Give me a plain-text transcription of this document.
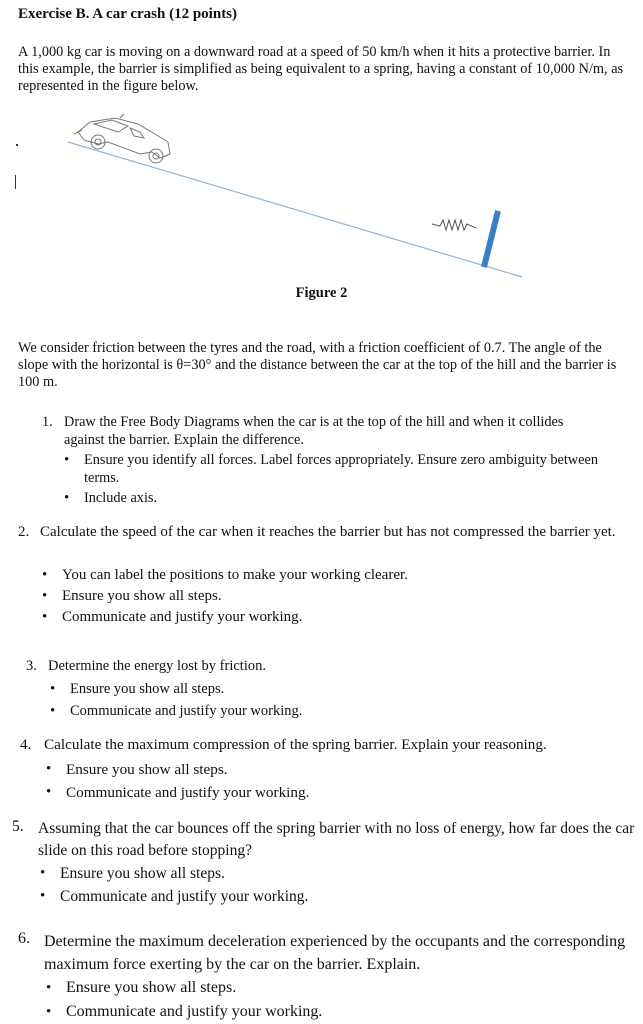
Exercise B. A car crash (12 points)
A 1,000 kg car is moving on a downward road at a speed of 50 km/h when it hits a protective barrier. In this example, the barrier is simplified as being equivalent to a spring, having a constant of 10,000 N/m, as represented in the figure below.
Figure 2
We consider friction between the tyres and the road, with a friction coefficient of 0.7. The angle of the slope with the horizontal is θ=30° and the distance between the car at the top of the hill and the barrier is 100 m.
1. Draw the Free Body Diagrams when the car is at the top of the hill and when it collides against the barrier. Explain the difference.
• Ensure you identify all forces. Label forces appropriately. Ensure zero ambiguity between terms.
• Include axis.
2. Calculate the speed of the car when it reaches the barrier but has not compressed the barrier yet.
• You can label the positions to make your working clearer.
• Ensure you show all steps.
• Communicate and justify your working.
3. Determine the energy lost by friction.
• Ensure you show all steps.
• Communicate and justify your working.
4. Calculate the maximum compression of the spring barrier. Explain your reasoning.
• Ensure you show all steps.
• Communicate and justify your working.
5. Assuming that the car bounces off the spring barrier with no loss of energy, how far does the car slide on this road before stopping?
• Ensure you show all steps.
• Communicate and justify your working.
6. Determine the maximum deceleration experienced by the occupants and the corresponding maximum force exerting by the car on the barrier. Explain.
• Ensure you show all steps.
• Communicate and justify your working.
